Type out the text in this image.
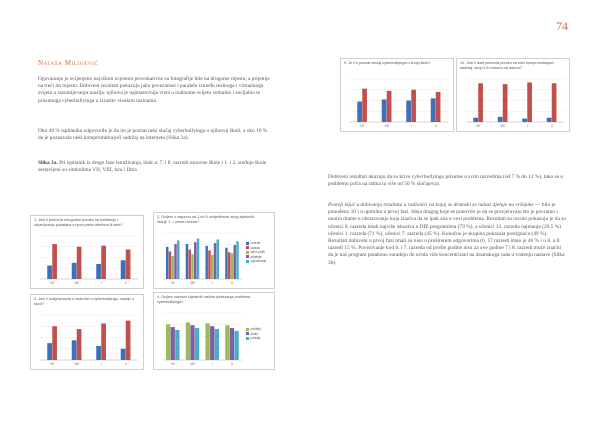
74
Nataša Milojević

Ogovaranje je ocijenjeno najvišom ocjenom provokativne su fotografije bile na drugome mjestu, a prijetnje na treći im mjestu. Dobiveni rezultati pokazuju jaku povezanost i paralelu između realnoga i virtualnoga svijeta u razumijevanju nasilja: njihova je najmasovnija vrsta u realnome svijetu verbalno i socijalno te prisutnoga cyberbullyinga u izrazito visokim razinama.

Oko 40 % ispitanika odgovorilo je da im je poznat neki slučaj cyberbullyinga u njihovoj školi, a oko 10 % da je poznavalo neki kompromitirajući sadržaj na internetu (Slika 3a).

Slika 3a. Pri ispitanik iz druge faze istraživanja, blok a: 7. i 8. razredi osnovne škole i 1. i 2. srednje škole sestavljeni su simbolima VII, VIII, Isra i IIma

Dobiveni rezultati ukazuju da su krive cyberbullyinga prisutne u svim razredima (od 7 % do 12 %), tako se o problemu priča na ratina la više od 50 % slučajeva).

Postoji ključ u dobivanju rezultata u radionici na kojoj se dramski se nalazi djeluje na vršnjake — bilo je ponuđeno 10 i u upitniku u prvoj fazi. Ideja drugog koje se ponovilo je da se provjeravaju što je povratno i unutra drame u obrazovanju koja izaziva da se ipak zna u vezi problema. Rezultati su ravnio pokazuju je da su učenici 8. razreda imali najviše iskustva u DIE programima (79 %), a učenici 12. razreda najmanje (29,5 %) učenici 1. razreda (71 %), učenici 7. razreda (45 %). Konačno je skupina pokazala postignuća (49 %). Rezultati dobiveni u prvoj fazi imali su nisu u proširenim odgovorima (6, 17 razredi imao je 46 % i u 8. a 8. razredi 15 %. Povezivanje kod 6. i 7. razreda od prošle godine nisu za ove godine 7 i 8. razredi može značiti da je naš program potaknuo suradnju do uvida više koncentrirani na dramskoga rada u vodenju nastave (Slika 3b).

9. Je li ti poznat slučaj cyberbullyinga u tvojoj školi?
VII	VIII	I	II
10. Jesi li ikad primio/la poruku za neki kompromitirajući sadržaj, snop li ih izravno od autora?
VII	VIII	I	II
1. Jesi li primio/la neugodne poruke na korištenju i objavljivanju podataka s njom preko telefona ili web?
VII	VIII	I	II
2. Ocijeni u rasponu od 1 do 5 uvrijeđenost zbog sljedećih radnji: 1 = nema uvrede?
VII	VIII	I	II
uvrede
ulazak
lažni profil
prijetnje
ogovaranje
3. Jesi li sudjelovao/la u radionici o cyberbullyingu, nasilju u školi?
VII	VIII	I	II
4. Ocijeni važnost sljedećih načina rješavanja problema cyberbullyinga?
VII	VIII	I	II
roditelji
škola
policija
